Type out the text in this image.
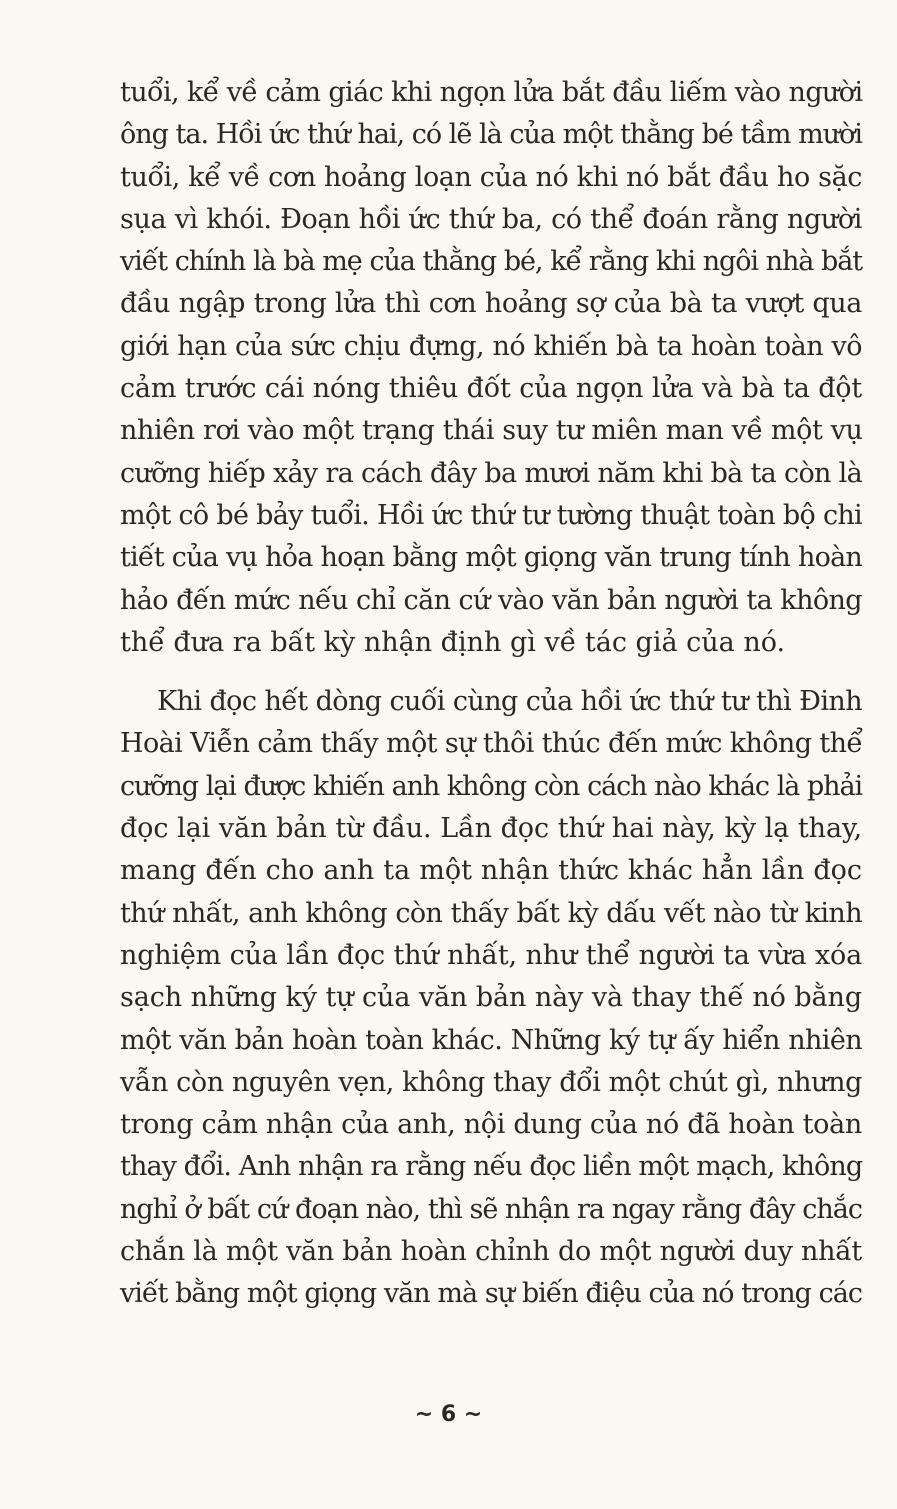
tuổi, kể về cảm giác khi ngọn lửa bắt đầu liếm vào người
ông ta. Hồi ức thứ hai, có lẽ là của một thằng bé tầm mười
tuổi, kể về cơn hoảng loạn của nó khi nó bắt đầu ho sặc
sụa vì khói. Đoạn hồi ức thứ ba, có thể đoán rằng người
viết chính là bà mẹ của thằng bé, kể rằng khi ngôi nhà bắt
đầu ngập trong lửa thì cơn hoảng sợ của bà ta vượt qua
giới hạn của sức chịu đựng, nó khiến bà ta hoàn toàn vô
cảm trước cái nóng thiêu đốt của ngọn lửa và bà ta đột
nhiên rơi vào một trạng thái suy tư miên man về một vụ
cưỡng hiếp xảy ra cách đây ba mươi năm khi bà ta còn là
một cô bé bảy tuổi. Hồi ức thứ tư tường thuật toàn bộ chi
tiết của vụ hỏa hoạn bằng một giọng văn trung tính hoàn
hảo đến mức nếu chỉ căn cứ vào văn bản người ta không
thể đưa ra bất kỳ nhận định gì về tác giả của nó.
Khi đọc hết dòng cuối cùng của hồi ức thứ tư thì Đinh
Hoài Viễn cảm thấy một sự thôi thúc đến mức không thể
cưỡng lại được khiến anh không còn cách nào khác là phải
đọc lại văn bản từ đầu. Lần đọc thứ hai này, kỳ lạ thay,
mang đến cho anh ta một nhận thức khác hẳn lần đọc
thứ nhất, anh không còn thấy bất kỳ dấu vết nào từ kinh
nghiệm của lần đọc thứ nhất, như thể người ta vừa xóa
sạch những ký tự của văn bản này và thay thế nó bằng
một văn bản hoàn toàn khác. Những ký tự ấy hiển nhiên
vẫn còn nguyên vẹn, không thay đổi một chút gì, nhưng
trong cảm nhận của anh, nội dung của nó đã hoàn toàn
thay đổi. Anh nhận ra rằng nếu đọc liền một mạch, không
nghỉ ở bất cứ đoạn nào, thì sẽ nhận ra ngay rằng đây chắc
chắn là một văn bản hoàn chỉnh do một người duy nhất
viết bằng một giọng văn mà sự biến điệu của nó trong các
~ 6 ~
